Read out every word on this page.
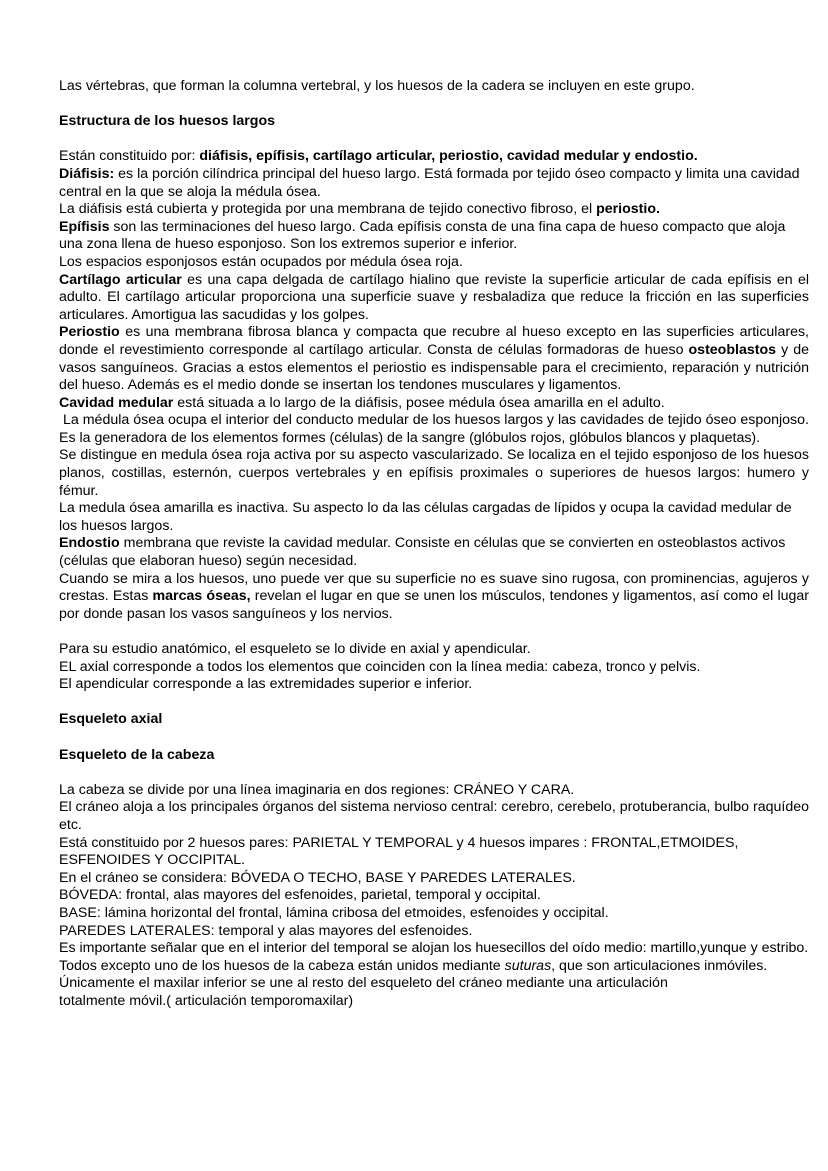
Las vértebras, que forman la columna vertebral, y los huesos de la cadera se incluyen en este grupo.

Estructura de los huesos largos

Están constituido por: diáfisis, epífisis, cartílago articular, periostio, cavidad medular y endostio.

Diáfisis: es la porción cilíndrica principal del hueso largo. Está formada por tejido óseo compacto y limita una cavidad central en la que se aloja la médula ósea.

La diáfisis está cubierta y protegida por una membrana de tejido conectivo fibroso, el periostio.

Epífisis son las terminaciones del hueso largo. Cada epífisis consta de una fina capa de hueso compacto que aloja una zona llena de hueso esponjoso. Son los extremos superior e inferior.

Los espacios esponjosos están ocupados por médula ósea roja.

Cartílago articular es una capa delgada de cartílago hialino que reviste la superficie articular de cada epífisis en el adulto. El cartílago articular proporciona una superficie suave y resbaladiza que reduce la fricción en las superficies articulares. Amortigua las sacudidas y los golpes.

Periostio es una membrana fibrosa blanca y compacta que recubre al hueso excepto en las superficies articulares, donde el revestimiento corresponde al cartílago articular. Consta de células formadoras de hueso osteoblastos y de vasos sanguíneos. Gracias a estos elementos el periostio es indispensable para el crecimiento, reparación y nutrición del hueso. Además es el medio donde se insertan los tendones musculares y ligamentos.

Cavidad medular está situada a lo largo de la diáfisis, posee médula ósea amarilla en el adulto.

La médula ósea ocupa el interior del conducto medular de los huesos largos y las cavidades de tejido óseo esponjoso. Es la generadora de los elementos formes (células) de la sangre (glóbulos rojos, glóbulos blancos y plaquetas).

Se distingue en medula ósea roja activa por su aspecto vascularizado. Se localiza en el tejido esponjoso de los huesos planos, costillas, esternón, cuerpos vertebrales y en epífisis proximales o superiores de huesos largos: humero y fémur.

La medula ósea amarilla es inactiva. Su aspecto lo da las células cargadas de lípidos y ocupa la cavidad medular de los huesos largos.

Endostio membrana que reviste la cavidad medular. Consiste en células que se convierten en osteoblastos activos (células que elaboran hueso) según necesidad.

Cuando se mira a los huesos, uno puede ver que su superficie no es suave sino rugosa, con prominencias, agujeros y crestas. Estas marcas óseas, revelan el lugar en que se unen los músculos, tendones y ligamentos, así como el lugar por donde pasan los vasos sanguíneos y los nervios.

Para su estudio anatómico, el esqueleto se lo divide en axial y apendicular.

EL axial corresponde a todos los elementos que coinciden con la línea media: cabeza, tronco y pelvis.

El apendicular corresponde a las extremidades superior e inferior.

Esqueleto axial

Esqueleto de la cabeza

La cabeza se divide por una línea imaginaria en dos regiones: CRÁNEO Y CARA.

El cráneo aloja a los principales órganos del sistema nervioso central: cerebro, cerebelo, protuberancia, bulbo raquídeo etc.

Está constituido por 2 huesos pares: PARIETAL Y TEMPORAL y 4 huesos impares : FRONTAL,ETMOIDES, ESFENOIDES Y OCCIPITAL.

En el cráneo se considera: BÓVEDA O TECHO, BASE Y PAREDES LATERALES.

BÓVEDA: frontal, alas mayores del esfenoides, parietal, temporal y occipital.

BASE: lámina horizontal del frontal, lámina cribosa del etmoides, esfenoides y occipital.

PAREDES LATERALES: temporal y alas mayores del esfenoides.

Es importante señalar que en el interior del temporal se alojan los huesecillos del oído medio: martillo,yunque y estribo.

Todos excepto uno de los huesos de la cabeza están unidos mediante suturas, que son articulaciones inmóviles.

Únicamente el maxilar inferior se une al resto del esqueleto del cráneo mediante una articulación

totalmente móvil.( articulación temporomaxilar)
